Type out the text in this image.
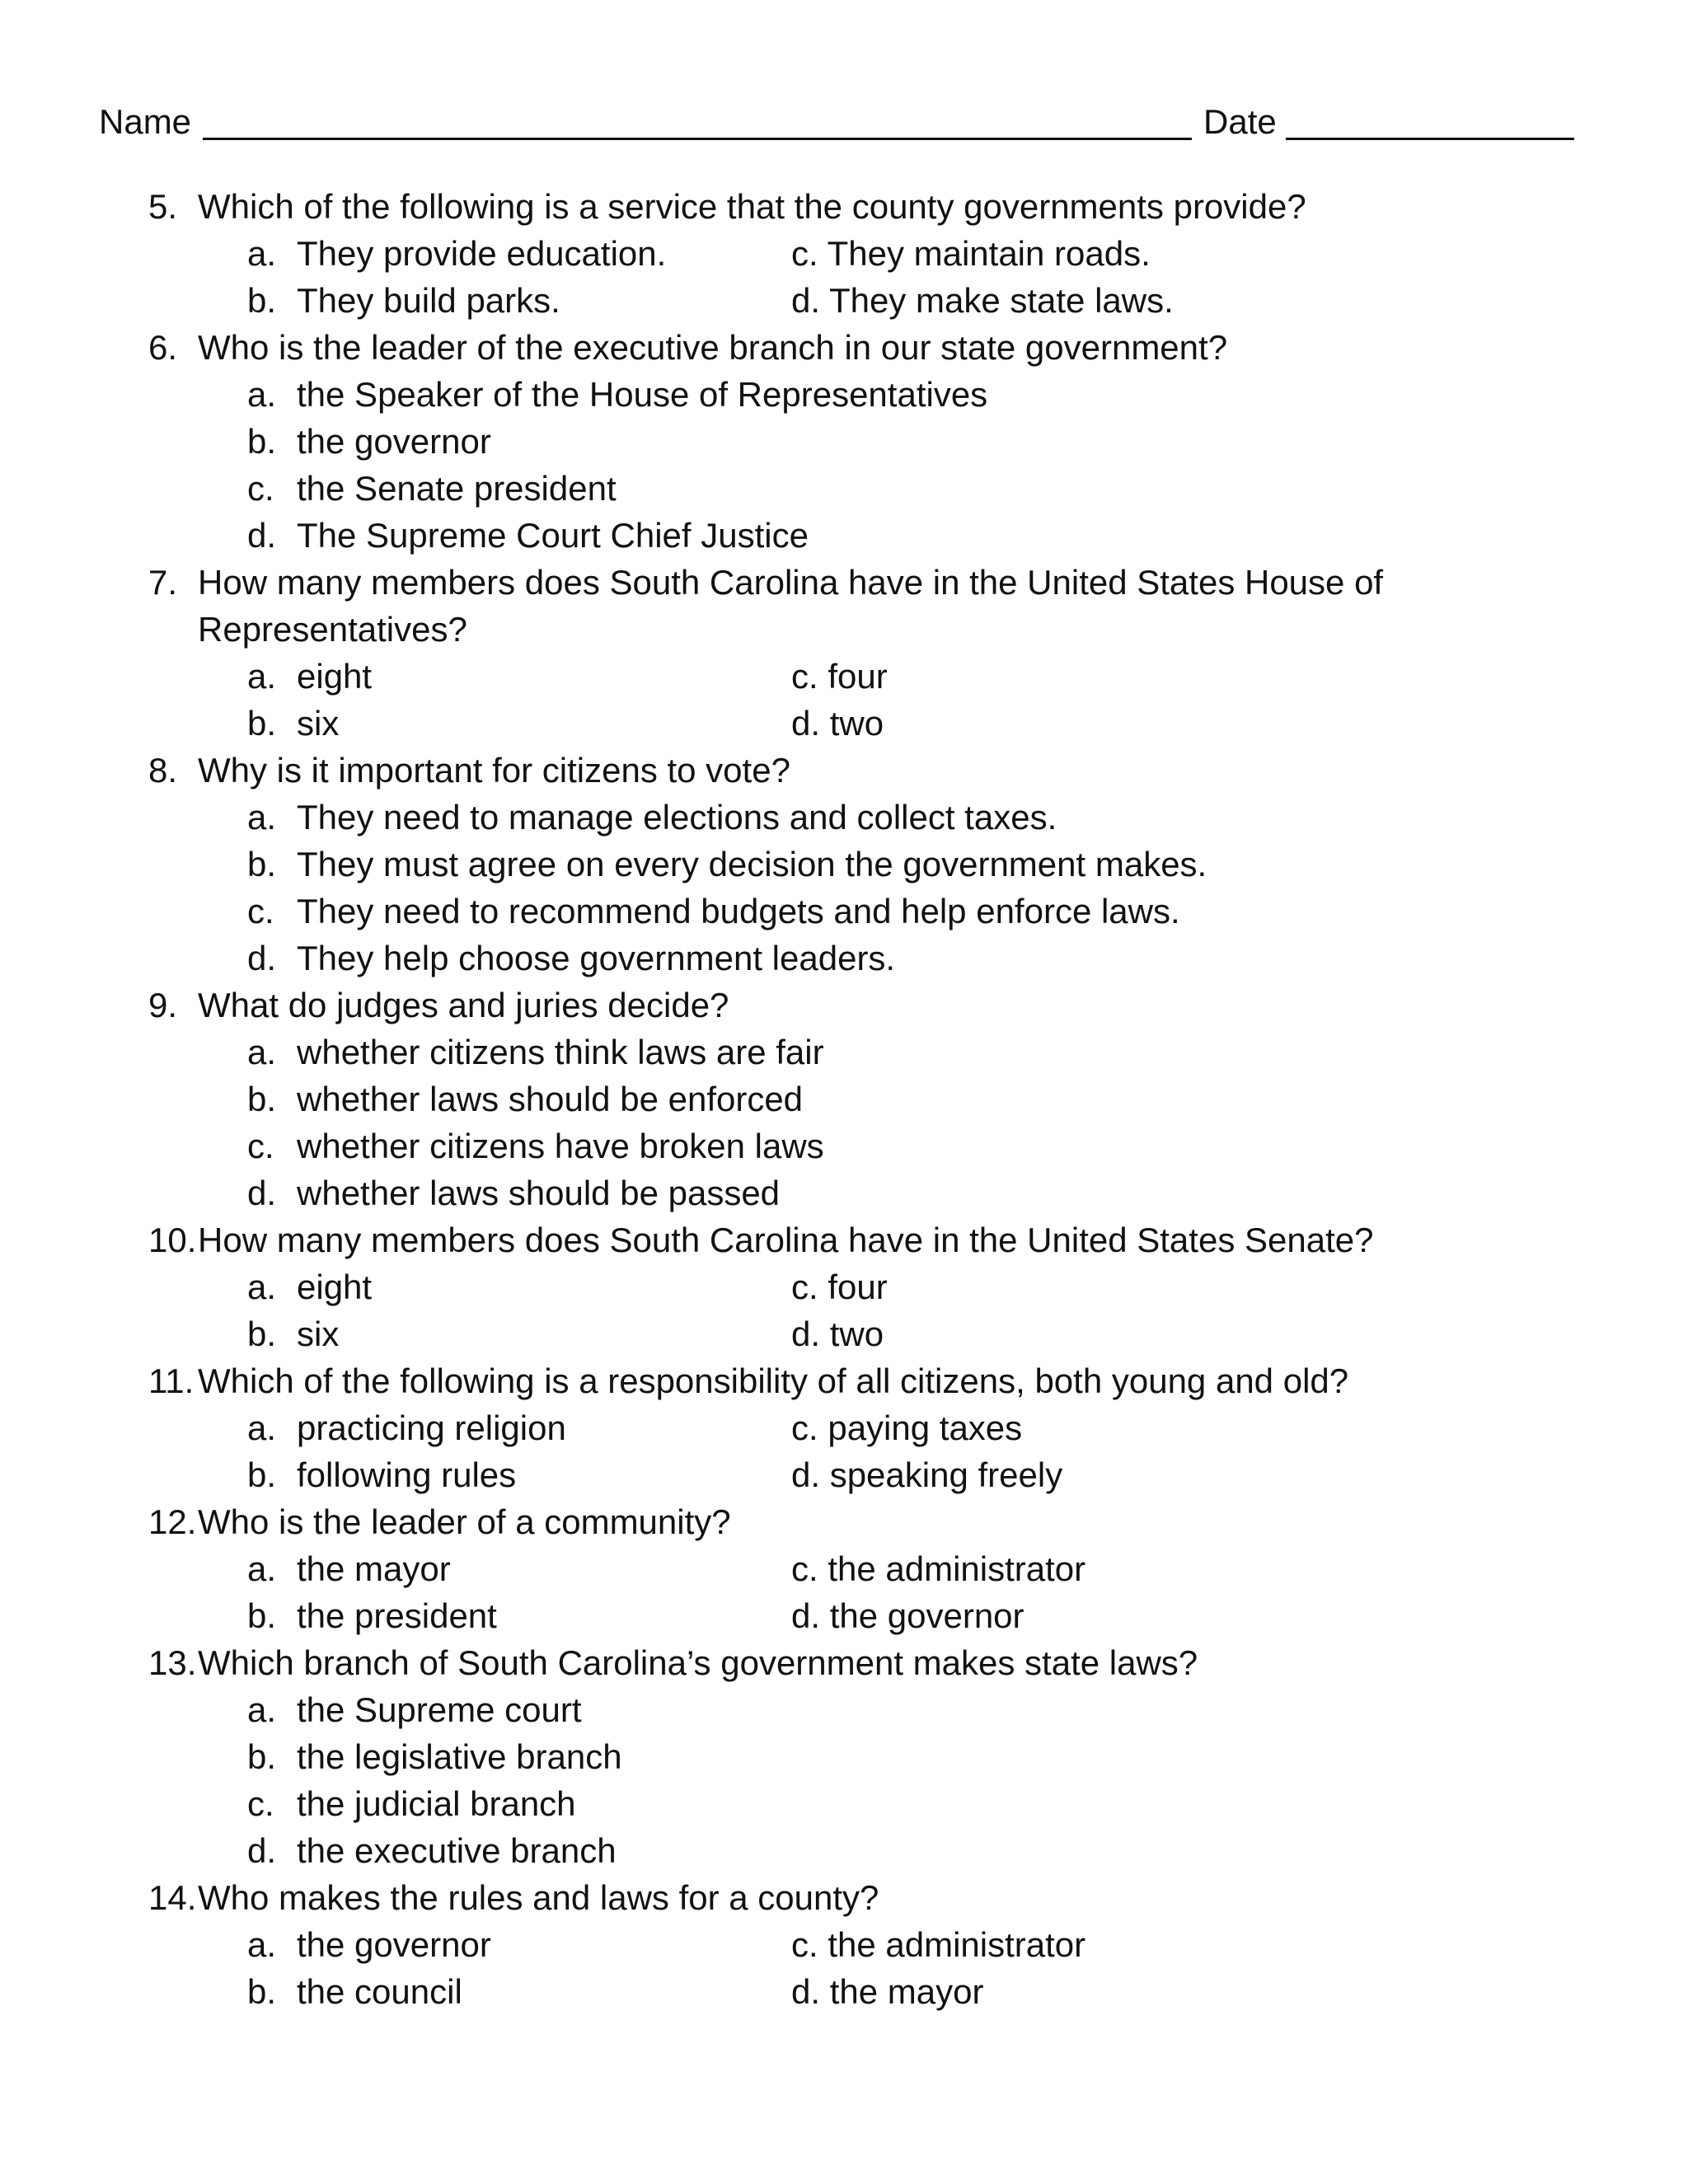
Name	Date
5. Which of the following is a service that the county governments provide?
a. They provide education.
b. They build parks.
c. They maintain roads.
d. They make state laws.
6. Who is the leader of the executive branch in our state government?
a. the Speaker of the House of Representatives
b. the governor
c. the Senate president
d. The Supreme Court Chief Justice
7. How many members does South Carolina have in the United States House of Representatives?
a. eight
b. six
c. four
d. two
8. Why is it important for citizens to vote?
a. They need to manage elections and collect taxes.
b. They must agree on every decision the government makes.
c. They need to recommend budgets and help enforce laws.
d. They help choose government leaders.
9. What do judges and juries decide?
a. whether citizens think laws are fair
b. whether laws should be enforced
c. whether citizens have broken laws
d. whether laws should be passed
10. How many members does South Carolina have in the United States Senate?
a. eight
b. six
c. four
d. two
11. Which of the following is a responsibility of all citizens, both young and old?
a. practicing religion
b. following rules
c. paying taxes
d. speaking freely
12. Who is the leader of a community?
a. the mayor
b. the president
c. the administrator
d. the governor
13. Which branch of South Carolina’s government makes state laws?
a. the Supreme court
b. the legislative branch
c. the judicial branch
d. the executive branch
14. Who makes the rules and laws for a county?
a. the governor
b. the council
c. the administrator
d. the mayor
